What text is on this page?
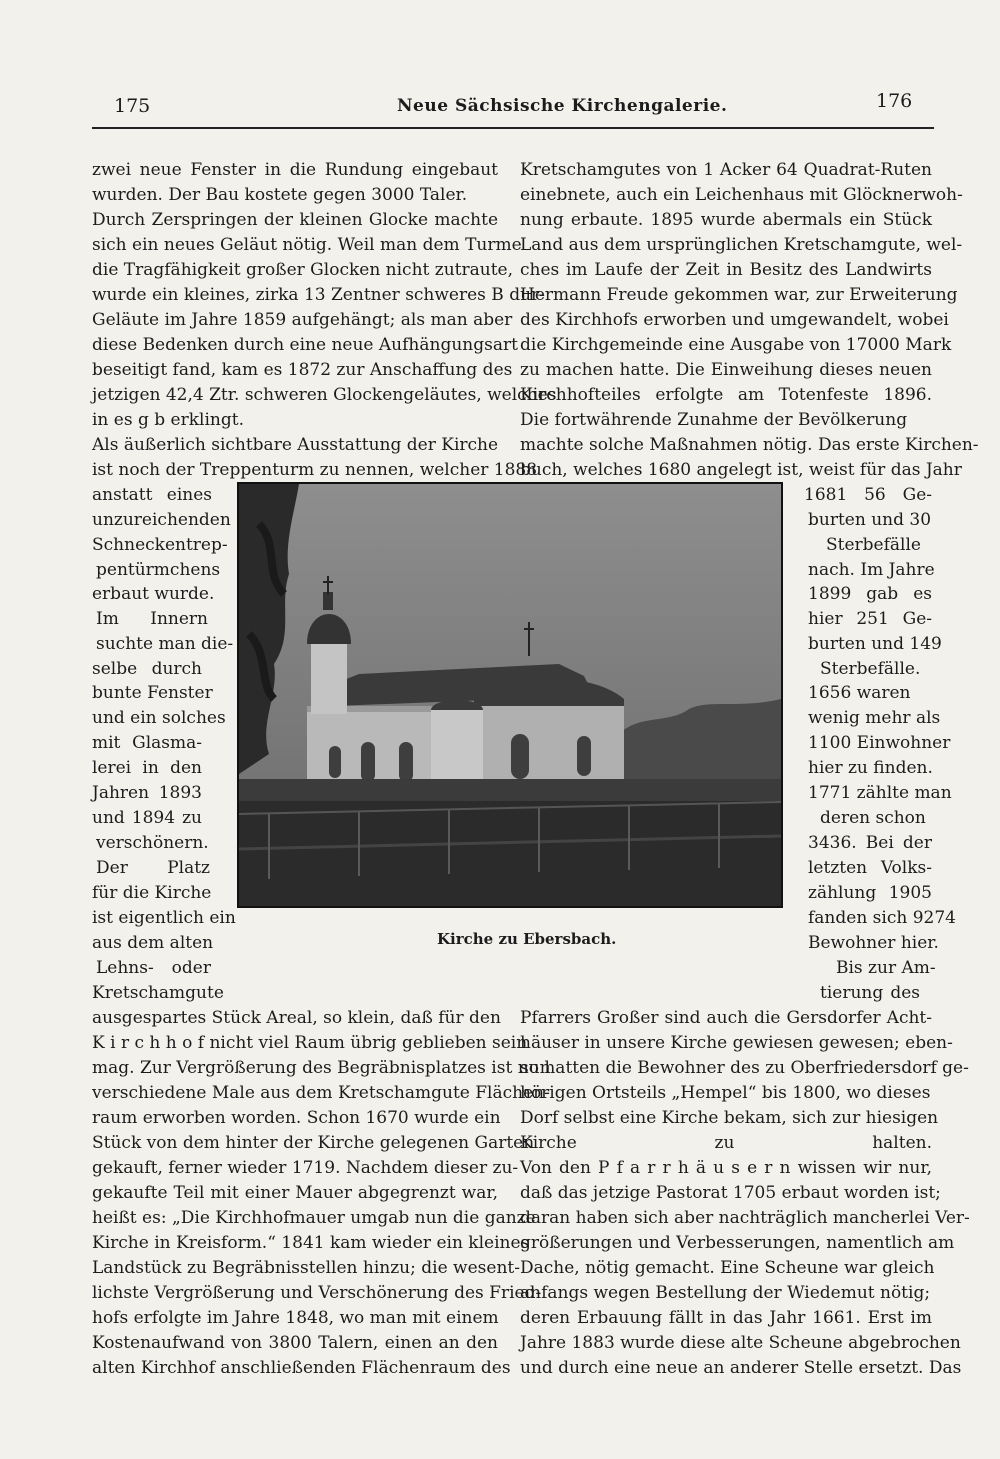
175	Neue Sächsische Kirchengalerie.	176
zwei neue Fenster in die Rundung eingebaut
wurden. Der Bau kostete gegen 3000 Taler.
Durch Zerspringen der kleinen Glocke machte
sich ein neues Geläut nötig. Weil man dem Turme
die Tragfähigkeit großer Glocken nicht zutraute,
wurde ein kleines, zirka 13 Zentner schweres B dur-
Geläute im Jahre 1859 aufgehängt; als man aber
diese Bedenken durch eine neue Aufhängungsart
beseitigt fand, kam es 1872 zur Anschaffung des
jetzigen 42,4 Ztr. schweren Glockengeläutes, welches
in es g b erklingt.
Als äußerlich sichtbare Ausstattung der Kirche
ist noch der Treppenturm zu nennen, welcher 1888
anstatt eines
unzureichenden
Schneckentrep-
pentürmchens
erbaut wurde.
Im Innern
suchte man die-
selbe durch
bunte Fenster
und ein solches
mit Glasma-
lerei in den
Jahren 1893
und 1894 zu
verschönern.
Der Platz
für die Kirche
ist eigentlich ein
aus dem alten
Lehns- oder
Kretschamgute
ausgespartes Stück Areal, so klein, daß für den
K i r c h h o f nicht viel Raum übrig geblieben sein
mag. Zur Vergrößerung des Begräbnisplatzes ist nun
verschiedene Male aus dem Kretschamgute Flächen-
raum erworben worden. Schon 1670 wurde ein
Stück von dem hinter der Kirche gelegenen Garten
gekauft, ferner wieder 1719. Nachdem dieser zu-
gekaufte Teil mit einer Mauer abgegrenzt war,
heißt es: „Die Kirchhofmauer umgab nun die ganze
Kirche in Kreisform.“ 1841 kam wieder ein kleines
Landstück zu Begräbnisstellen hinzu; die wesent-
lichste Vergrößerung und Verschönerung des Fried-
hofs erfolgte im Jahre 1848, wo man mit einem
Kostenaufwand von 3800 Talern, einen an den
alten Kirchhof anschließenden Flächenraum des
Kretschamgutes von 1 Acker 64 Quadrat-Ruten
einebnete, auch ein Leichenhaus mit Glöcknerwoh-
nung erbaute. 1895 wurde abermals ein Stück
Land aus dem ursprünglichen Kretschamgute, wel-
ches im Laufe der Zeit in Besitz des Landwirts
Hermann Freude gekommen war, zur Erweiterung
des Kirchhofs erworben und umgewandelt, wobei
die Kirchgemeinde eine Ausgabe von 17000 Mark
zu machen hatte. Die Einweihung dieses neuen
Kirchhofteiles erfolgte am Totenfeste 1896.
Die fortwährende Zunahme der Bevölkerung
machte solche Maßnahmen nötig. Das erste Kirchen-
buch, welches 1680 angelegt ist, weist für das Jahr
1681 56 Ge-
burten und 30
Sterbefälle
nach. Im Jahre
1899 gab es
hier 251 Ge-
burten und 149
Sterbefälle.
1656 waren
wenig mehr als
1100 Einwohner
hier zu finden.
1771 zählte man
deren schon
3436. Bei der
letzten Volks-
zählung 1905
fanden sich 9274
Bewohner hier.
Bis zur Am-
tierung des
Pfarrers Großer sind auch die Gersdorfer Acht-
häuser in unsere Kirche gewiesen gewesen; eben-
so hatten die Bewohner des zu Oberfriedersdorf ge-
hörigen Ortsteils „Hempel“ bis 1800, wo dieses
Dorf selbst eine Kirche bekam, sich zur hiesigen
Kirche zu halten.
Von den P f a r r h ä u s e r n wissen wir nur,
daß das jetzige Pastorat 1705 erbaut worden ist;
daran haben sich aber nachträglich mancherlei Ver-
größerungen und Verbesserungen, namentlich am
Dache, nötig gemacht. Eine Scheune war gleich
anfangs wegen Bestellung der Wiedemut nötig;
deren Erbauung fällt in das Jahr 1661. Erst im
Jahre 1883 wurde diese alte Scheune abgebrochen
und durch eine neue an anderer Stelle ersetzt. Das
Kirche zu Ebersbach.
